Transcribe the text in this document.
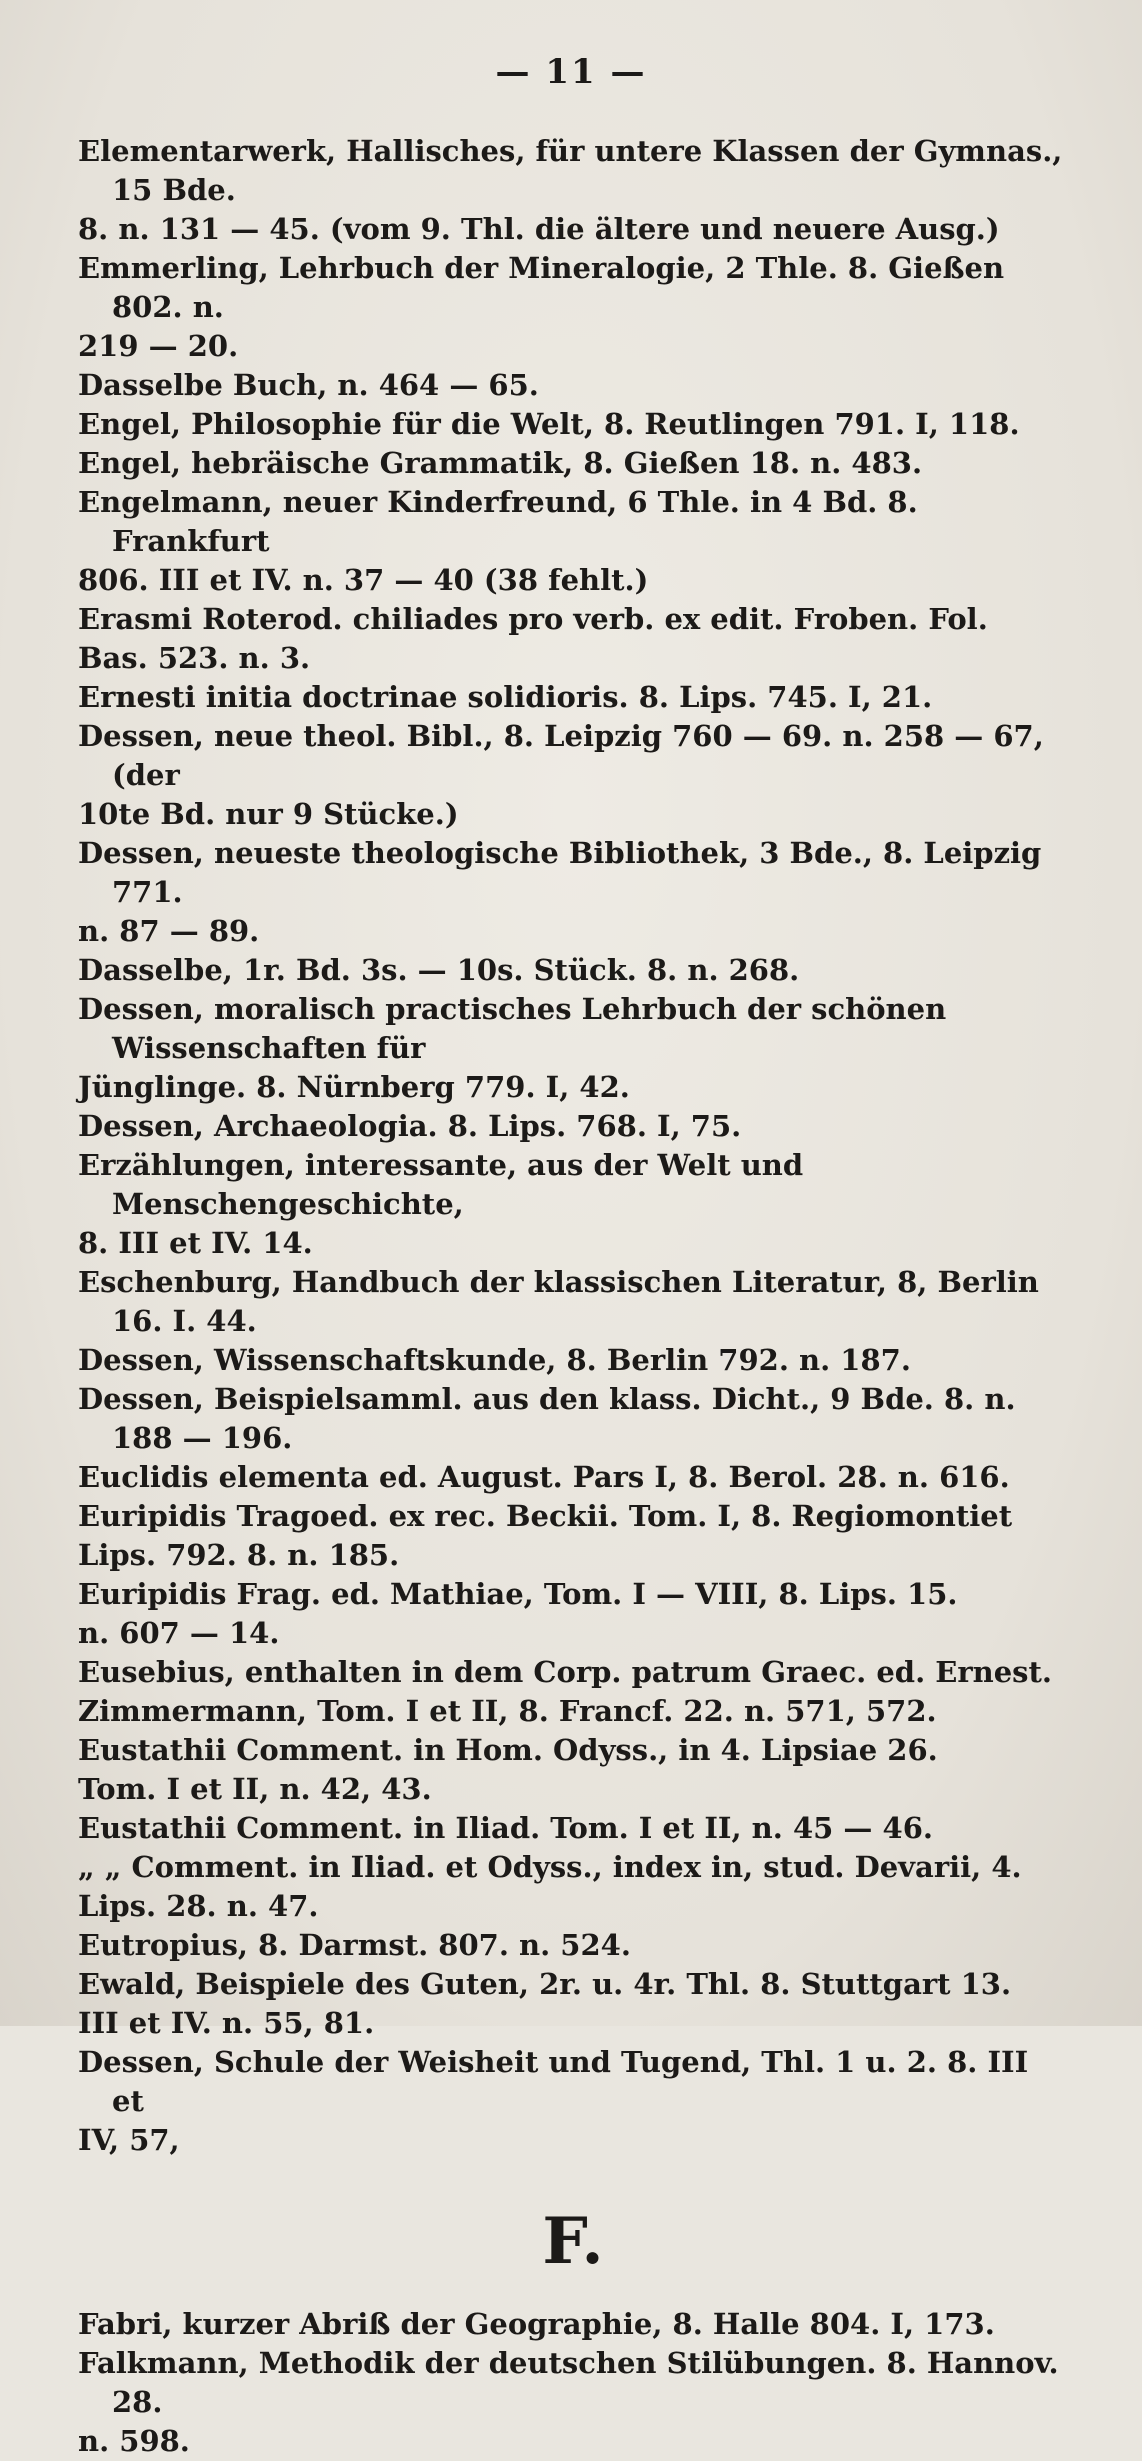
— 11 —

Elementarwerk, Hallisches, für untere Klassen der Gymnas., 15 Bde.
8. n. 131 — 45. (vom 9. Thl. die ältere und neuere Ausg.)

Emmerling, Lehrbuch der Mineralogie, 2 Thle. 8. Gießen 802. n.
219 — 20.

Dasselbe Buch, n. 464 — 65.

Engel, Philosophie für die Welt, 8. Reutlingen 791. I, 118.

Engel, hebräische Grammatik, 8. Gießen 18. n. 483.

Engelmann, neuer Kinderfreund, 6 Thle. in 4 Bd. 8. Frankfurt
806. III et IV. n. 37 — 40 (38 fehlt.)

Erasmi Roterod. chiliades pro verb. ex edit. Froben. Fol.
Bas. 523. n. 3.

Ernesti initia doctrinae solidioris. 8. Lips. 745. I, 21.

Dessen, neue theol. Bibl., 8. Leipzig 760 — 69. n. 258 — 67, (der
10te Bd. nur 9 Stücke.)

Dessen, neueste theologische Bibliothek, 3 Bde., 8. Leipzig 771.
n. 87 — 89.

Dasselbe, 1r. Bd. 3s. — 10s. Stück. 8. n. 268.

Dessen, moralisch practisches Lehrbuch der schönen Wissenschaften für
Jünglinge. 8. Nürnberg 779. I, 42.

Dessen, Archaeologia. 8. Lips. 768. I, 75.

Erzählungen, interessante, aus der Welt und Menschengeschichte,
8. III et IV. 14.

Eschenburg, Handbuch der klassischen Literatur, 8, Berlin 16. I. 44.

Dessen, Wissenschaftskunde, 8. Berlin 792. n. 187.

Dessen, Beispielsamml. aus den klass. Dicht., 9 Bde. 8. n. 188 — 196.

Euclidis elementa ed. August. Pars I, 8. Berol. 28. n. 616.

Euripidis Tragoed. ex rec. Beckii. Tom. I, 8. Regiomontiet
Lips. 792. 8. n. 185.

Euripidis Frag. ed. Mathiae, Tom. I — VIII, 8. Lips. 15.
n. 607 — 14.

Eusebius, enthalten in dem Corp. patrum Graec. ed. Ernest.
Zimmermann, Tom. I et II, 8. Francf. 22. n. 571, 572.

Eustathii Comment. in Hom. Odyss., in 4. Lipsiae 26.
Tom. I et II, n. 42, 43.

Eustathii Comment. in Iliad. Tom. I et II, n. 45 — 46.

„ „ Comment. in Iliad. et Odyss., index in, stud. Devarii, 4.
Lips. 28. n. 47.

Eutropius, 8. Darmst. 807. n. 524.

Ewald, Beispiele des Guten, 2r. u. 4r. Thl. 8. Stuttgart 13.
III et IV. n. 55, 81.

Dessen, Schule der Weisheit und Tugend, Thl. 1 u. 2. 8. III et
IV, 57,

F.

Fabri, kurzer Abriß der Geographie, 8. Halle 804. I, 173.

Falkmann, Methodik der deutschen Stilübungen. 8. Hannov. 28.
n. 598.
